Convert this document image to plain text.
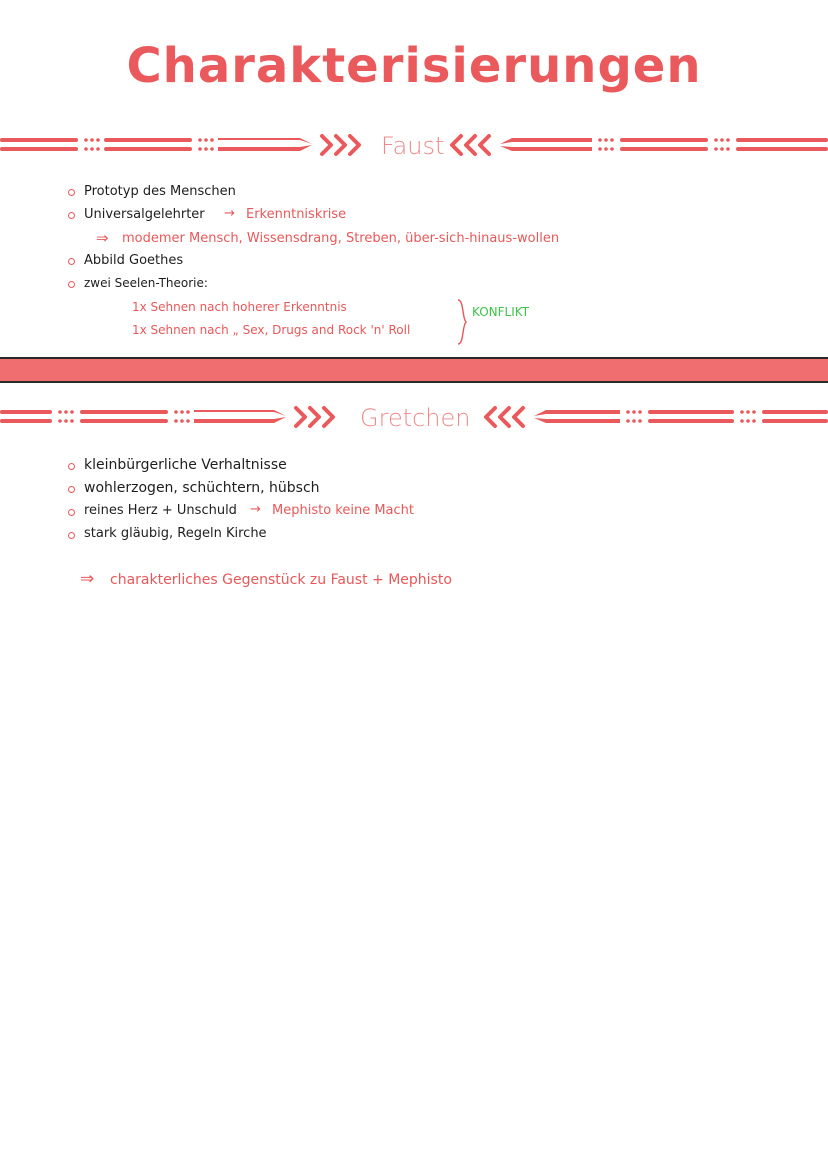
Charakterisierungen
Faust
Prototyp des Menschen
Universalgelehrter → Erkenntniskrise
⇒ modemer Mensch, Wissensdrang, Streben, über-sich-hinaus-wollen
Abbild Goethes
zwei Seelen-Theorie:
1x Sehnen nach hoherer Erkenntnis
1x Sehnen nach „ Sex, Drugs and Rock 'n' Roll
KONFLIKT
Gretchen
kleinbürgerliche Verhaltnisse
wohlerzogen, schüchtern, hübsch
reines Herz + Unschuld → Mephisto keine Macht
stark gläubig, Regeln Kirche
⇒ charakterliches Gegenstück zu Faust + Mephisto
